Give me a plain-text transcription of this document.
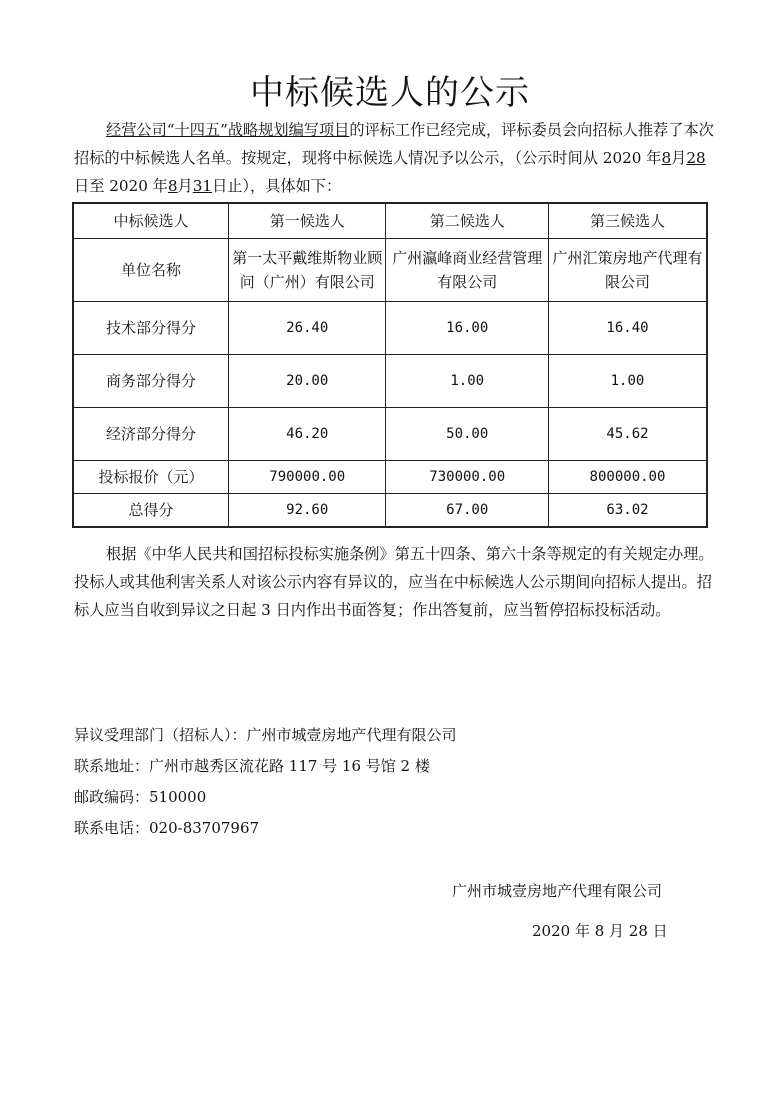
中标候选人的公示

经营公司“十四五”战略规划编写项目的评标工作已经完成，评标委员会向招标人推荐了本次招标的中标候选人名单。按规定，现将中标候选人情况予以公示，（公示时间从 2020 年8月28日至 2020 年8月31日止），具体如下：

中标候选人	第一候选人	第二候选人	第三候选人
单位名称	第一太平戴维斯物业顾问（广州）有限公司	广州瀛峰商业经营管理有限公司	广州汇策房地产代理有限公司
技术部分得分	26.40	16.00	16.40
商务部分得分	20.00	1.00	1.00
经济部分得分	46.20	50.00	45.62
投标报价（元）	790000.00	730000.00	800000.00
总得分	92.60	67.00	63.02

根据《中华人民共和国招标投标实施条例》第五十四条、第六十条等规定的有关规定办理。投标人或其他利害关系人对该公示内容有异议的，应当在中标候选人公示期间向招标人提出。招标人应当自收到异议之日起 3 日内作出书面答复；作出答复前，应当暂停招标投标活动。

异议受理部门（招标人）：广州市城壹房地产代理有限公司
联系地址：广州市越秀区流花路 117 号 16 号馆 2 楼
邮政编码：510000
联系电话：020-83707967
广州市城壹房地产代理有限公司
2020 年 8 月 28 日
